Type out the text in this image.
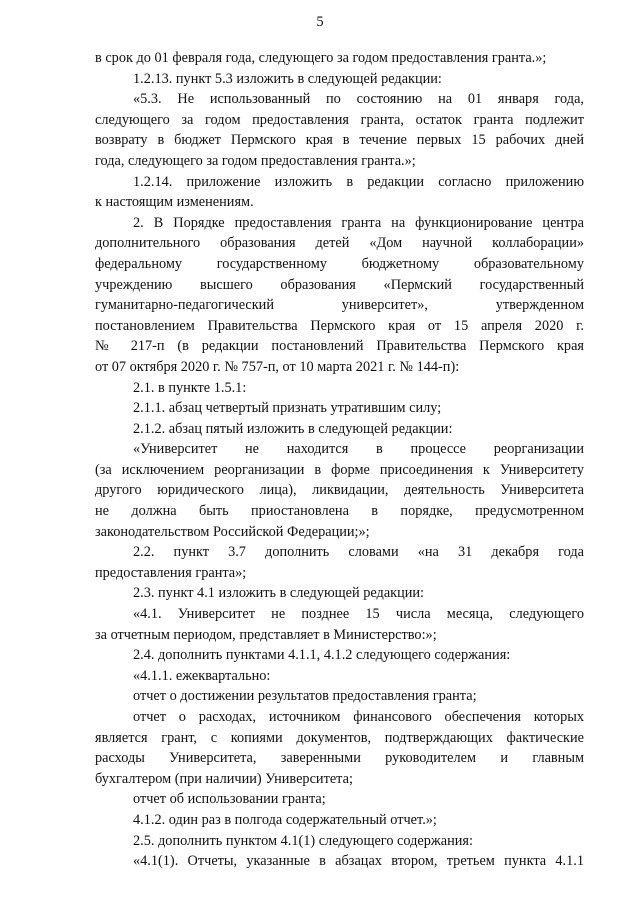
5
в срок до 01 февраля года, следующего за годом предоставления гранта.»;
1.2.13. пункт 5.3 изложить в следующей редакции:
«5.3. Не использованный по состоянию на 01 января года,
следующего за годом предоставления гранта, остаток гранта подлежит
возврату в бюджет Пермского края в течение первых 15 рабочих дней
года, следующего за годом предоставления гранта.»;
1.2.14. приложение изложить в редакции согласно приложению
к настоящим изменениям.
2. В Порядке предоставления гранта на функционирование центра
дополнительного образования детей «Дом научной коллаборации»
федеральному государственному бюджетному образовательному
учреждению высшего образования «Пермский государственный
гуманитарно-педагогический университет», утвержденном
постановлением Правительства Пермского края от 15 апреля 2020 г.
№ 217-п (в редакции постановлений Правительства Пермского края
от 07 октября 2020 г. № 757-п, от 10 марта 2021 г. № 144-п):
2.1. в пункте 1.5.1:
2.1.1. абзац четвертый признать утратившим силу;
2.1.2. абзац пятый изложить в следующей редакции:
«Университет не находится в процессе реорганизации
(за исключением реорганизации в форме присоединения к Университету
другого юридического лица), ликвидации, деятельность Университета
не должна быть приостановлена в порядке, предусмотренном
законодательством Российской Федерации;»;
2.2. пункт 3.7 дополнить словами «на 31 декабря года
предоставления гранта»;
2.3. пункт 4.1 изложить в следующей редакции:
«4.1. Университет не позднее 15 числа месяца, следующего
за отчетным периодом, представляет в Министерство:»;
2.4. дополнить пунктами 4.1.1, 4.1.2 следующего содержания:
«4.1.1. ежеквартально:
отчет о достижении результатов предоставления гранта;
отчет о расходах, источником финансового обеспечения которых
является грант, с копиями документов, подтверждающих фактические
расходы Университета, заверенными руководителем и главным
бухгалтером (при наличии) Университета;
отчет об использовании гранта;
4.1.2. один раз в полгода содержательный отчет.»;
2.5. дополнить пунктом 4.1(1) следующего содержания:
«4.1(1). Отчеты, указанные в абзацах втором, третьем пункта 4.1.1
